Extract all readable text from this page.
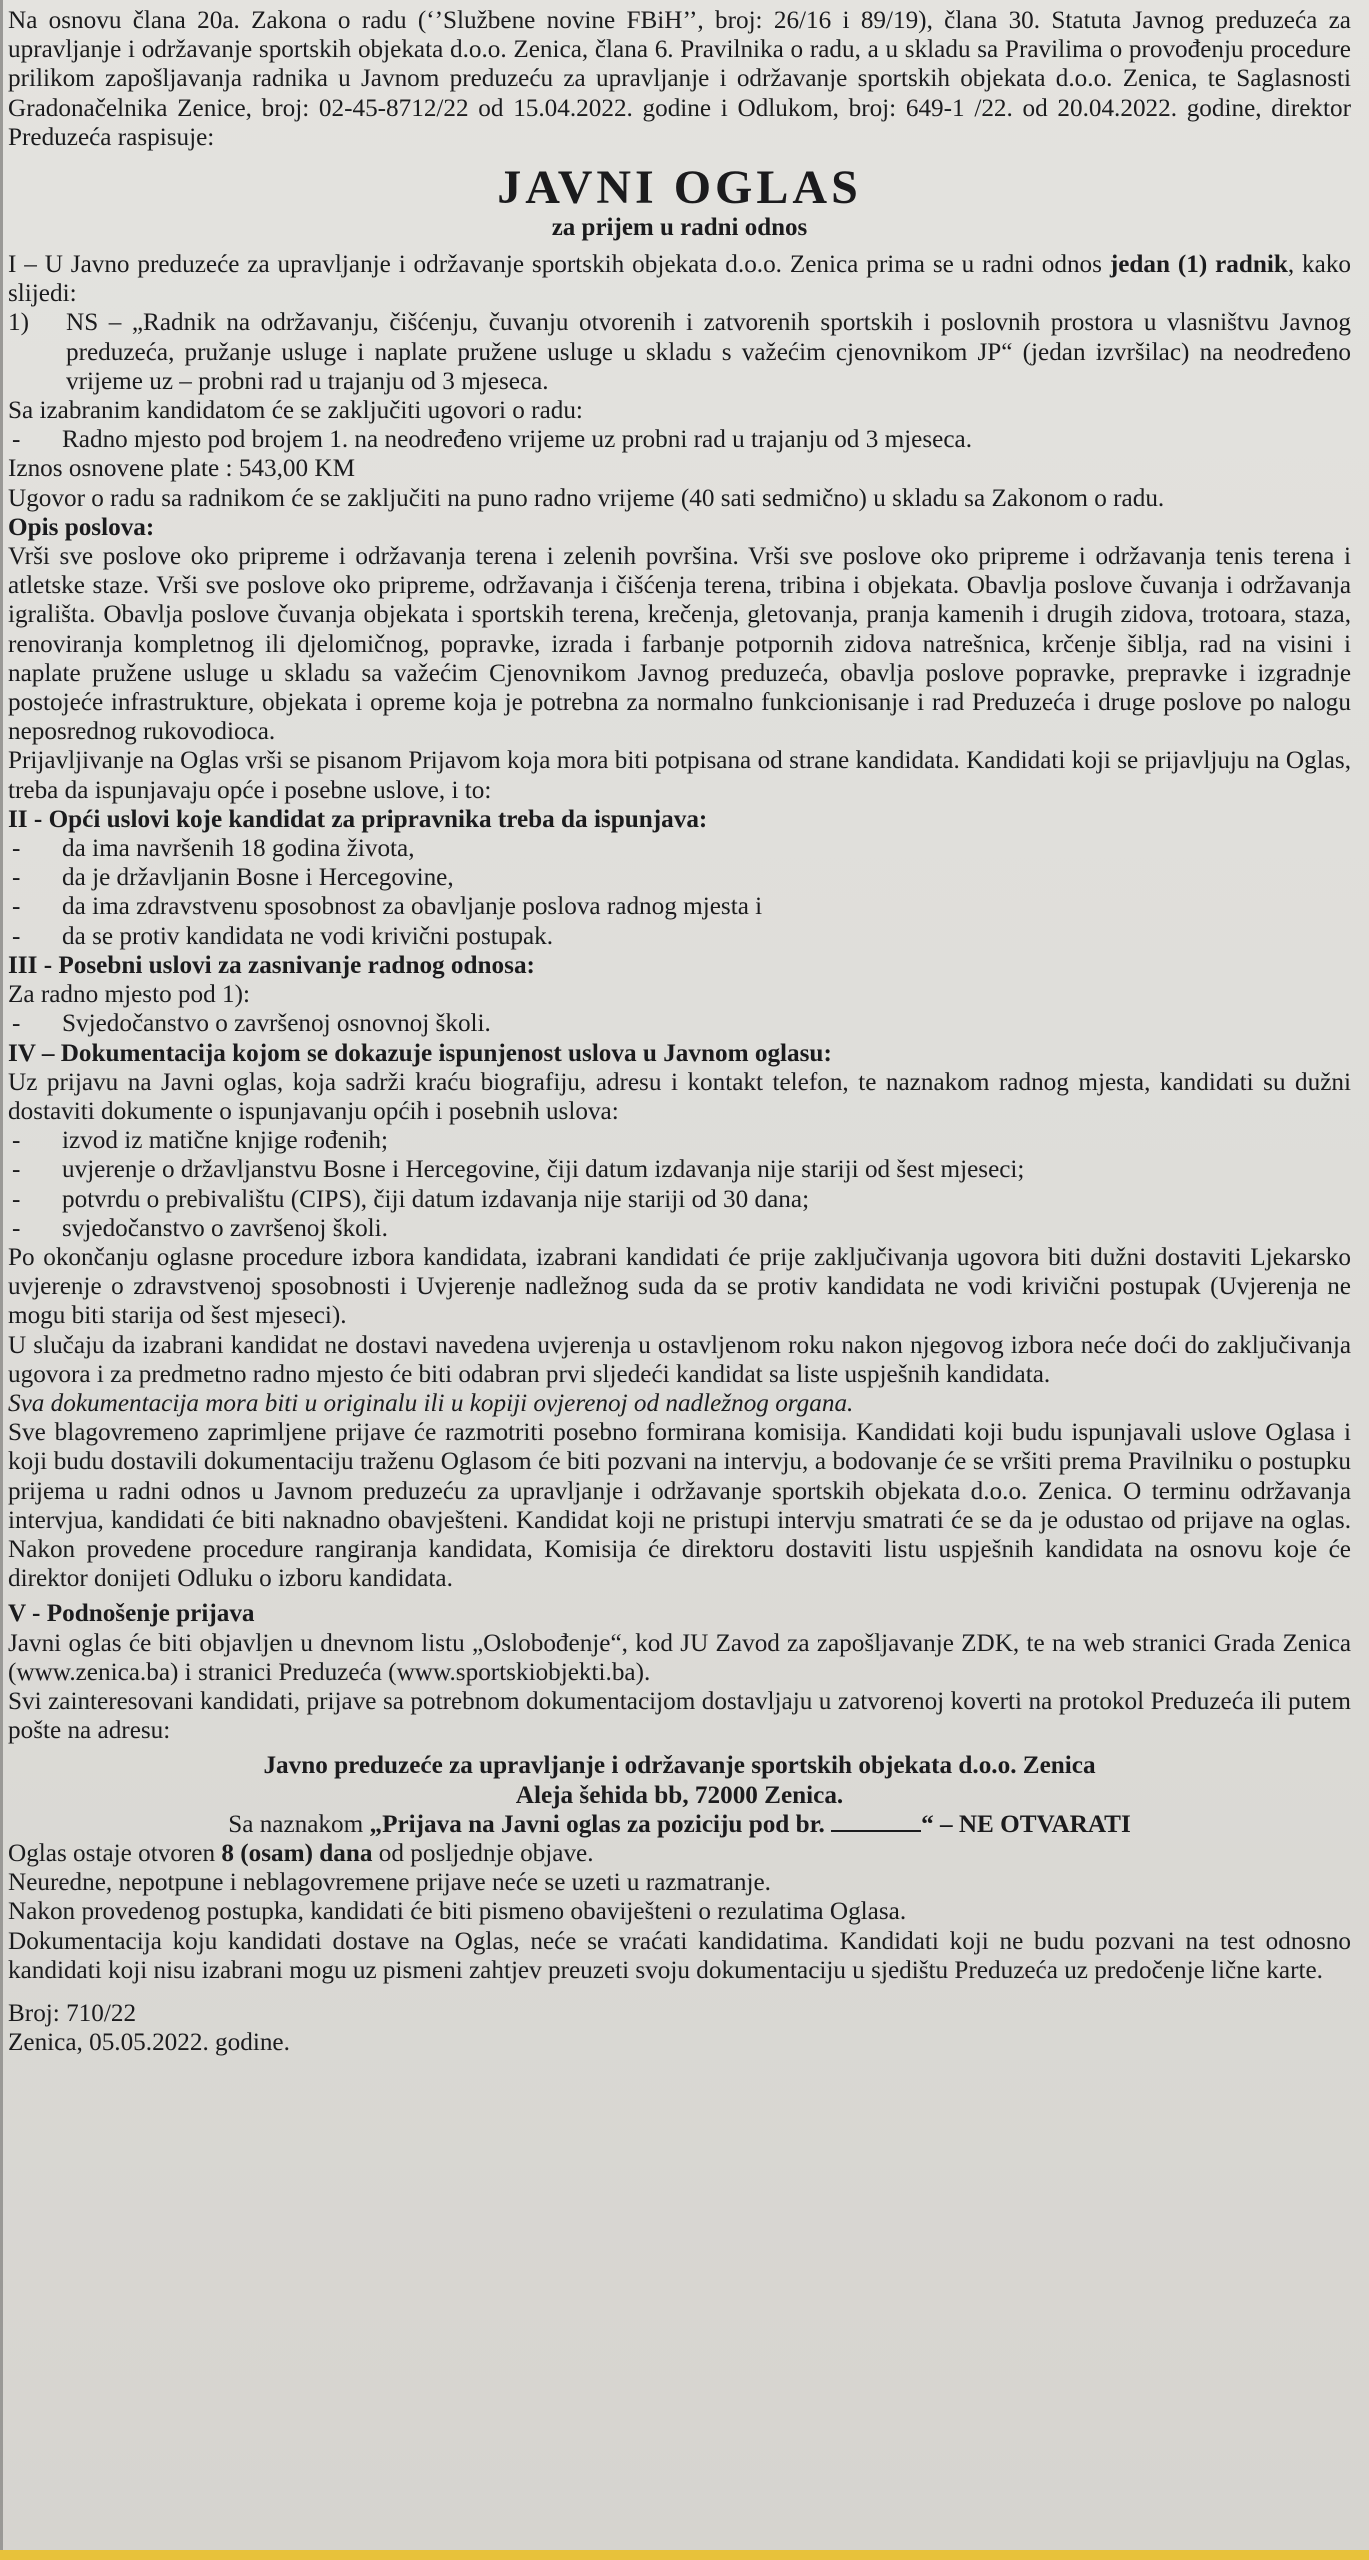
Na osnovu člana 20a. Zakona o radu (‘’Službene novine FBiH’’, broj: 26/16 i 89/19), člana 30. Statuta Javnog preduzeća za upravljanje i održavanje sportskih objekata d.o.o. Zenica, člana 6. Pravilnika o radu, a u skladu sa Pravilima o provođenju procedure prilikom zapošljavanja radnika u Javnom preduzeću za upravljanje i održavanje sportskih objekata d.o.o. Zenica, te Saglasnosti Gradonačelnika Zenice, broj: 02-45-8712/22 od 15.04.2022. godine i Odlukom, broj: 649-1 /22. od 20.04.2022. godine, direktor Preduzeća raspisuje:

JAVNI OGLAS
za prijem u radni odnos

I – U Javno preduzeće za upravljanje i održavanje sportskih objekata d.o.o. Zenica prima se u radni odnos jedan (1) radnik, kako slijedi:

1)	NS – „Radnik na održavanju, čišćenju, čuvanju otvorenih i zatvorenih sportskih i poslovnih prostora u vlasništvu Javnog preduzeća, pružanje usluge i naplate pružene usluge u skladu s važećim cjenovnikom JP“ (jedan izvršilac) na neodređeno vrijeme uz – probni rad u trajanju od 3 mjeseca.

Sa izabranim kandidatom će se zaključiti ugovori o radu:

-	Radno mjesto pod brojem 1. na neodređeno vrijeme uz probni rad u trajanju od 3 mjeseca.

Iznos osnovene plate : 543,00 KM

Ugovor o radu sa radnikom će se zaključiti na puno radno vrijeme (40 sati sedmično) u skladu sa Zakonom o radu.

Opis poslova:

Vrši sve poslove oko pripreme i održavanja terena i zelenih površina. Vrši sve poslove oko pripreme i održavanja tenis terena i atletske staze. Vrši sve poslove oko pripreme, održavanja i čišćenja terena, tribina i objekata. Obavlja poslove čuvanja i održavanja igrališta. Obavlja poslove čuvanja objekata i sportskih terena, krečenja, gletovanja, pranja kamenih i drugih zidova, trotoara, staza, renoviranja kompletnog ili djelomičnog, popravke, izrada i farbanje potpornih zidova natrešnica, krčenje šiblja, rad na visini i naplate pružene usluge u skladu sa važećim Cjenovnikom Javnog preduzeća, obavlja poslove popravke, prepravke i izgradnje postojeće infrastrukture, objekata i opreme koja je potrebna za normalno funkcionisanje i rad Preduzeća i druge poslove po nalogu neposrednog rukovodioca.

Prijavljivanje na Oglas vrši se pisanom Prijavom koja mora biti potpisana od strane kandidata. Kandidati koji se prijavljuju na Oglas, treba da ispunjavaju opće i posebne uslove, i to:

II - Opći uslovi koje kandidat za pripravnika treba da ispunjava:

-	da ima navršenih 18 godina života,
-	da je državljanin Bosne i Hercegovine,
-	da ima zdravstvenu sposobnost za obavljanje poslova radnog mjesta i
-	da se protiv kandidata ne vodi krivični postupak.

III - Posebni uslovi za zasnivanje radnog odnosa:

Za radno mjesto pod 1):

-	Svjedočanstvo o završenoj osnovnoj školi.

IV – Dokumentacija kojom se dokazuje ispunjenost uslova u Javnom oglasu:

Uz prijavu na Javni oglas, koja sadrži kraću biografiju, adresu i kontakt telefon, te naznakom radnog mjesta, kandidati su dužni dostaviti dokumente o ispunjavanju općih i posebnih uslova:

-	izvod iz matične knjige rođenih;
-	uvjerenje o državljanstvu Bosne i Hercegovine, čiji datum izdavanja nije stariji od šest mjeseci;
-	potvrdu o prebivalištu (CIPS), čiji datum izdavanja nije stariji od 30 dana;
-	svjedočanstvo o završenoj školi.

Po okončanju oglasne procedure izbora kandidata, izabrani kandidati će prije zaključivanja ugovora biti dužni dostaviti Ljekarsko uvjerenje o zdravstvenoj sposobnosti i Uvjerenje nadležnog suda da se protiv kandidata ne vodi krivični postupak (Uvjerenja ne mogu biti starija od šest mjeseci).

U slučaju da izabrani kandidat ne dostavi navedena uvjerenja u ostavljenom roku nakon njegovog izbora neće doći do zaključivanja ugovora i za predmetno radno mjesto će biti odabran prvi sljedeći kandidat sa liste uspješnih kandidata.

Sva dokumentacija mora biti u originalu ili u kopiji ovjerenoj od nadležnog organa.

Sve blagovremeno zaprimljene prijave će razmotriti posebno formirana komisija. Kandidati koji budu ispunjavali uslove Oglasa i koji budu dostavili dokumentaciju traženu Oglasom će biti pozvani na intervju, a bodovanje će se vršiti prema Pravilniku o postupku prijema u radni odnos u Javnom preduzeću za upravljanje i održavanje sportskih objekata d.o.o. Zenica. O terminu održavanja intervjua, kandidati će biti naknadno obavješteni. Kandidat koji ne pristupi intervju smatrati će se da je odustao od prijave na oglas. Nakon provedene procedure rangiranja kandidata, Komisija će direktoru dostaviti listu uspješnih kandidata na osnovu koje će direktor donijeti Odluku o izboru kandidata.

V - Podnošenje prijava

Javni oglas će biti objavljen u dnevnom listu „Oslobođenje“, kod JU Zavod za zapošljavanje ZDK, te na web stranici Grada Zenica (www.zenica.ba) i stranici Preduzeća (www.sportskiobjekti.ba).

Svi zainteresovani kandidati, prijave sa potrebnom dokumentacijom dostavljaju u zatvorenoj koverti na protokol Preduzeća ili putem pošte na adresu:

Javno preduzeće za upravljanje i održavanje sportskih objekata d.o.o. Zenica

Aleja šehida bb, 72000 Zenica.

Sa naznakom „Prijava na Javni oglas za poziciju pod br.	“ – NE OTVARATI

Oglas ostaje otvoren 8 (osam) dana od posljednje objave.

Neuredne, nepotpune i neblagovremene prijave neće se uzeti u razmatranje.

Nakon provedenog postupka, kandidati će biti pismeno obaviješteni o rezulatima Oglasa.

Dokumentacija koju kandidati dostave na Oglas, neće se vraćati kandidatima. Kandidati koji ne budu pozvani na test odnosno kandidati koji nisu izabrani mogu uz pismeni zahtjev preuzeti svoju dokumentaciju u sjedištu Preduzeća uz predočenje lične karte.

Broj: 710/22

Zenica, 05.05.2022. godine.
